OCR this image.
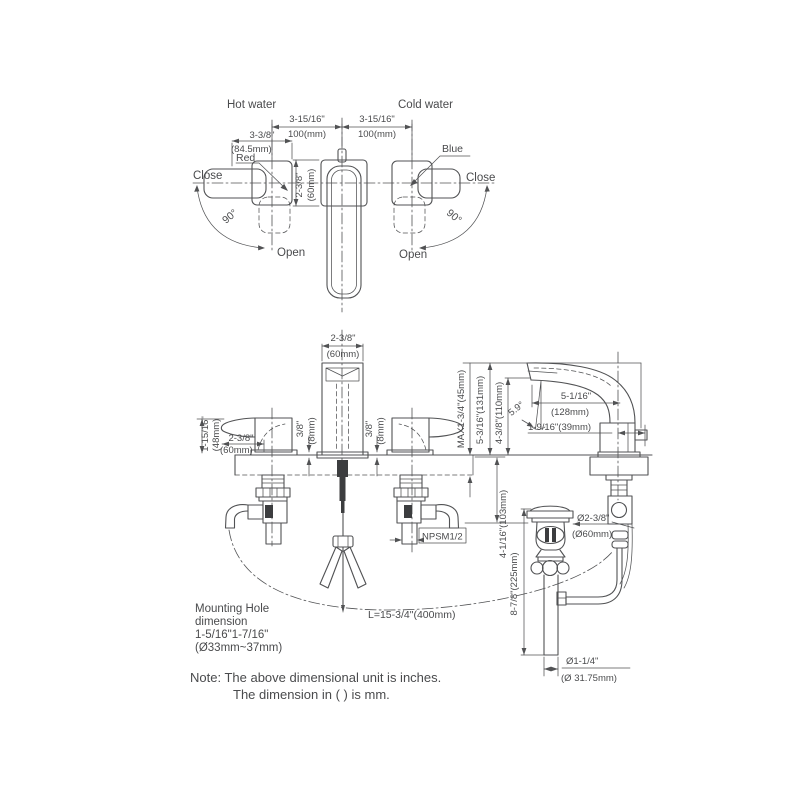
Hot water	Cold water
3-15/16"
100(mm)
3-15/16"
100(mm)
3-3/8"
(84.5mm)
Red
Blue
Close	Close
Open	Open
90°	90°
2-3/8" (60mm)
2-3/8"
(60mm)
1-15/16" (48mm) 2-3/8"
(60mm)
3/8" (8mm)	3/8" (8mm)
NPSM1/2
L=15-3/4"(400mm)
Mounting Hole
dimension
1-5/16"1-7/16"
(Ø33mm~37mm)
MAX1-3/4"(45mm) 5-3/16"(131mm) 4-3/8"(110mm) 5.9°
5-1/16"
(128mm)
1-9/16"(39mm)
4-1/16"(103mm)	Ø2-3/8"
(Ø60mm)
8-7/8"(225mm)
Ø1-1/4"
(Ø 31.75mm)
Note: The above dimensional unit is inches.
The dimension in ( ) is mm.
